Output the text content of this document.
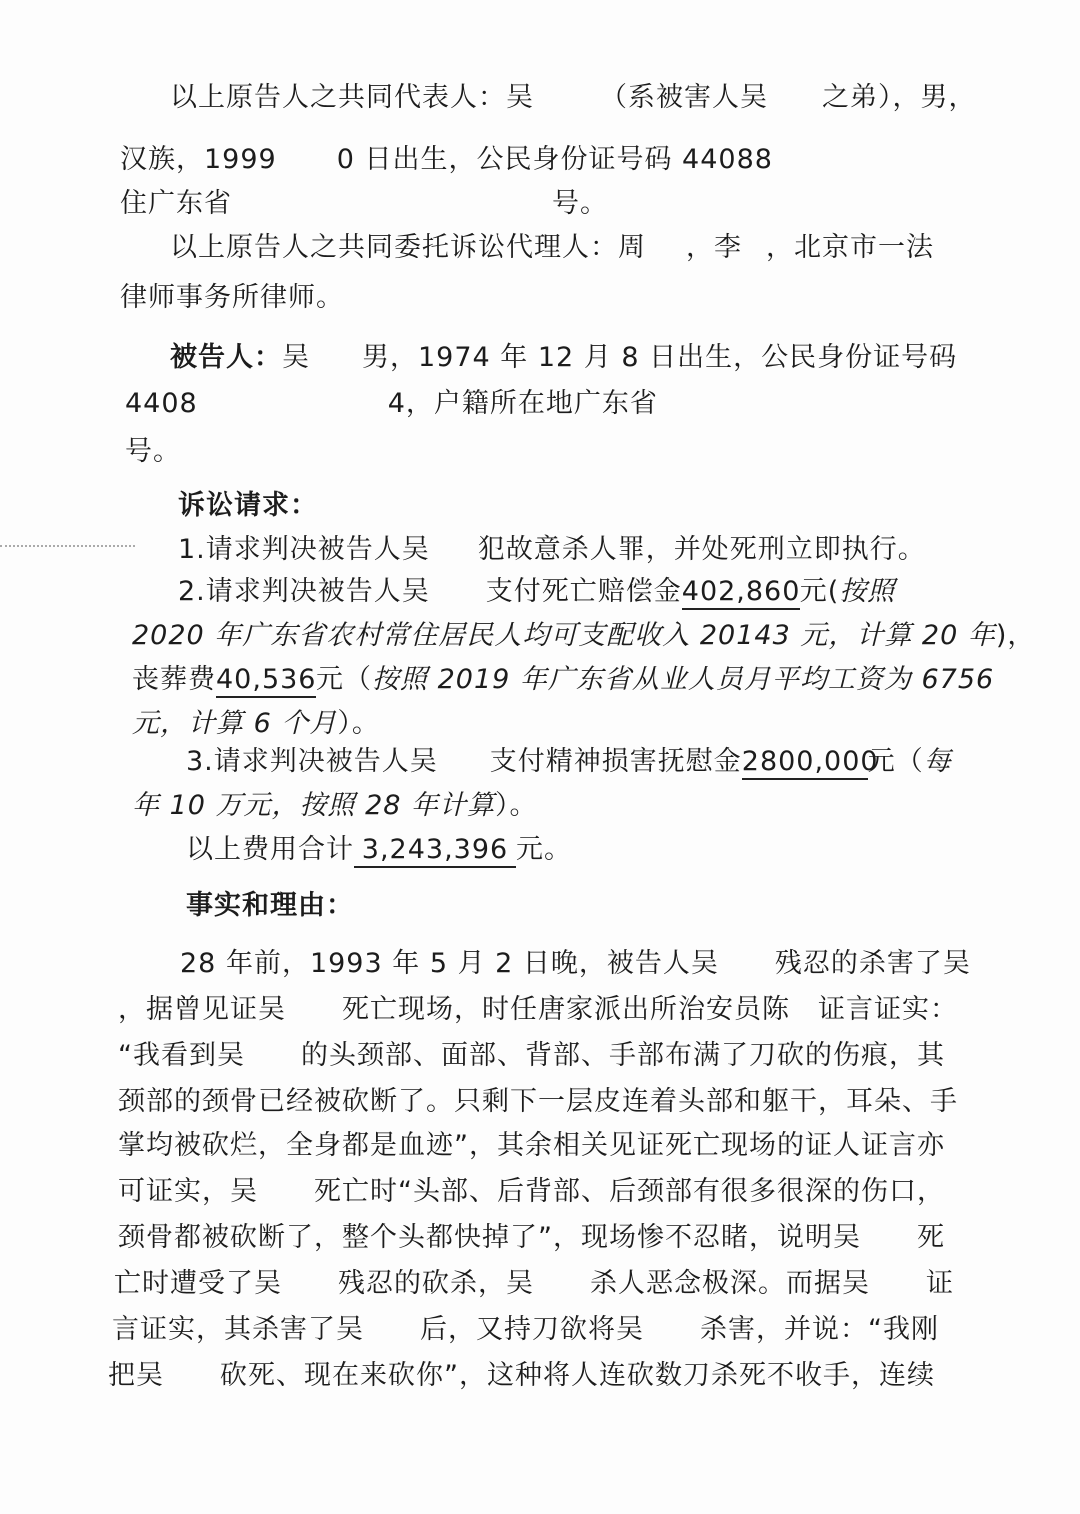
以上原告人之共同代表人：吴 （系被害人吴 之弟），男，
汉族，1999 0 日出生，公民身份证号码 44088
住广东省	号。
以上原告人之共同委托诉讼代理人：周 ，李 ，北京市一法
律师事务所律师。
被告人：吴 男，1974 年 12 月 8 日出生，公民身份证号码
4408	4，户籍所在地广东省
号。
诉讼请求：
1.请求判决被告人吴 犯故意杀人罪，并处死刑立即执行。
2.请求判决被告人吴 支付死亡赔偿金402,860元(按照
2020 年广东省农村常住居民人均可支配收入 20143 元，计算 20 年)，
丧葬费40,536元（按照 2019 年广东省从业人员月平均工资为 6756
元，计算 6 个月）。
3.请求判决被告人吴 支付精神损害抚慰金2800,000元（每
年 10 万元，按照 28 年计算）。
以上费用合计 3,243,396 元。
事实和理由：
28 年前，1993 年 5 月 2 日晚，被告人吴　　残忍的杀害了吴
，据曾见证吴　　死亡现场，时任唐家派出所治安员陈　证言证实：
“我看到吴　　的头颈部、面部、背部、手部布满了刀砍的伤痕，其
颈部的颈骨已经被砍断了。只剩下一层皮连着头部和躯干，耳朵、手
掌均被砍烂，全身都是血迹”，其余相关见证死亡现场的证人证言亦
可证实，吴　　死亡时“头部、后背部、后颈部有很多很深的伤口，
颈骨都被砍断了，整个头都快掉了”，现场惨不忍睹，说明吴　　死
亡时遭受了吴　　残忍的砍杀，吴　　杀人恶念极深。而据吴　　证
言证实，其杀害了吴　　后，又持刀欲将吴　　杀害，并说：“我刚
把吴　　砍死、现在来砍你”，这种将人连砍数刀杀死不收手，连续
